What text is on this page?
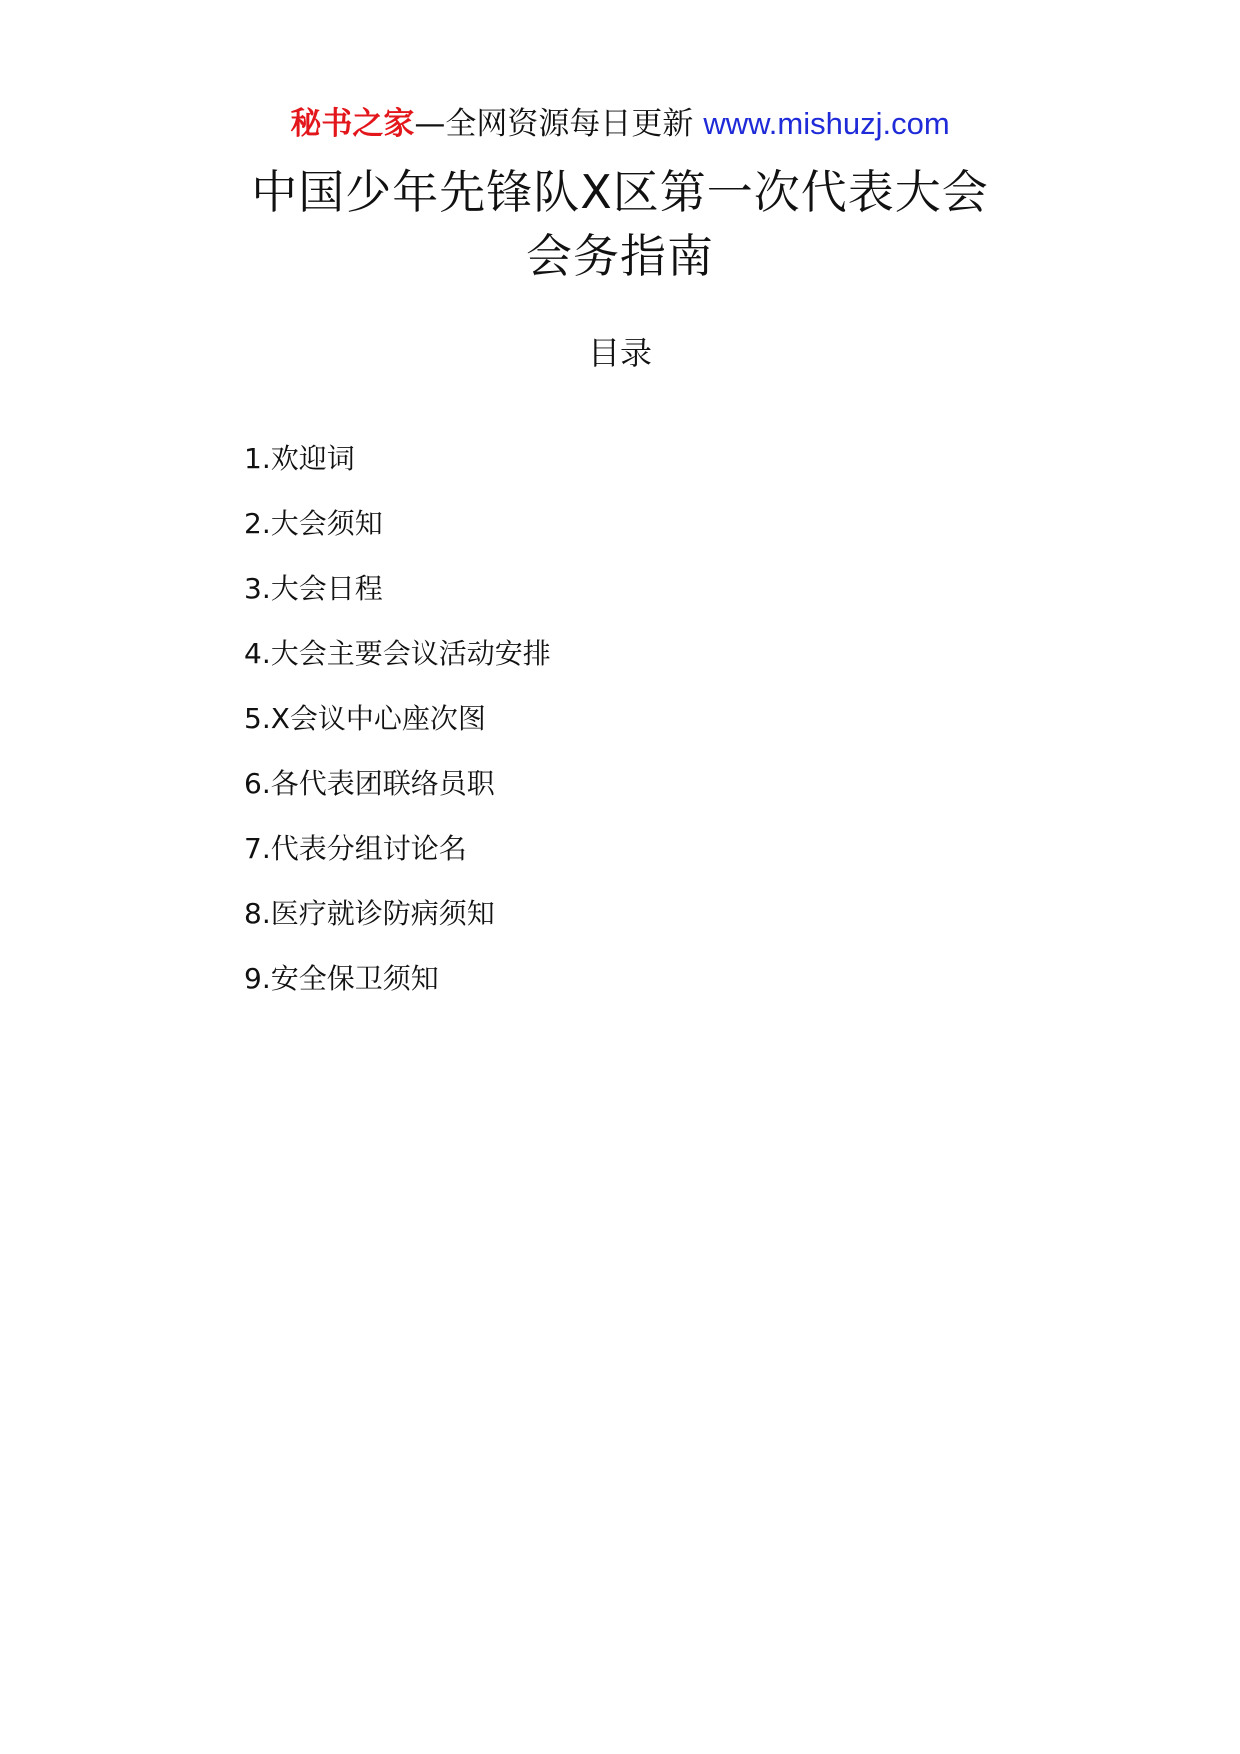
秘书之家—全网资源每日更新 www.mishuzj.com
中国少年先锋队X区第一次代表大会
会务指南
目录
1.欢迎词
2.大会须知
3.大会日程
4.大会主要会议活动安排
5.X会议中心座次图
6.各代表团联络员职
7.代表分组讨论名
8.医疗就诊防病须知
9.安全保卫须知
